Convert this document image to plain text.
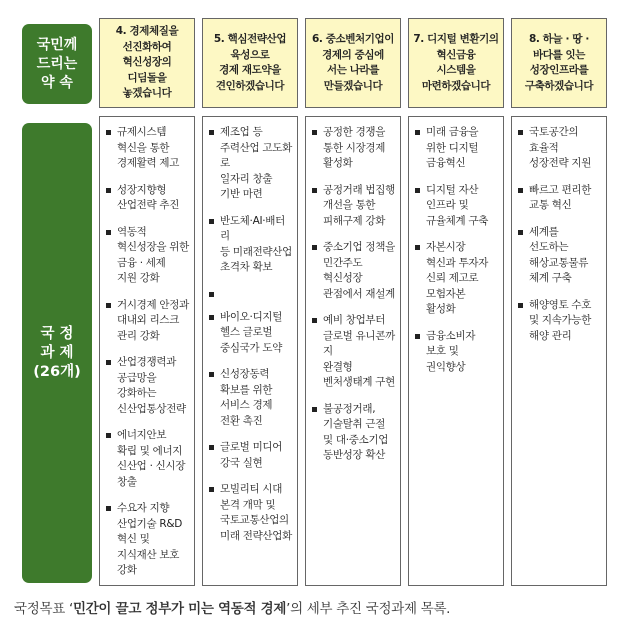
국민께
드리는
약 속
국 정
과 제
(26개)
4. 경제체질을
선진화하여
혁신성장의
디딤돌을
놓겠습니다
규제시스템
혁신을 통한
경제활력 제고
성장지향형
산업전략 추진
역동적
혁신성장을 위한
금융 · 세제
지원 강화
거시경제 안정과
대내외 리스크
관리 강화
산업경쟁력과
공급망을
강화하는
신산업통상전략
에너지안보
확립 및 에너지
신산업 · 신시장
창출
수요자 지향
산업기술 R&D
혁신 및
지식재산 보호
강화
5. 핵심전략산업
육성으로
경제 재도약을
견인하겠습니다
제조업 등
주력산업 고도화로
일자리 창출
기반 마련
반도체·AI·배터리
등 미래전략산업
초격차 확보
바이오·디지털
헬스 글로벌
중심국가 도약
신성장동력
확보를 위한
서비스 경제
전환 촉진
글로벌 미디어
강국 실현
모빌리티 시대
본격 개막 및
국토교통산업의
미래 전략산업화
6. 중소벤처기업이
경제의 중심에
서는 나라를
만들겠습니다
공정한 경쟁을
통한 시장경제
활성화
공정거래 법집행
개선을 통한
피해구제 강화
중소기업 정책을
민간주도
혁신성장
관점에서 재설계
예비 창업부터
글로벌 유니콘까지
완결형
벤처생태계 구현
불공정거래,
기술탈취 근절
및 대·중소기업
동반성장 확산
7. 디지털 변환기의
혁신금융
시스템을
마련하겠습니다
미래 금융을
위한 디지털
금융혁신
디지털 자산
인프라 및
규율체계 구축
자본시장
혁신과 투자자
신뢰 제고로
모험자본
활성화
금융소비자
보호 및
권익향상
8. 하늘 · 땅 ·
바다를 잇는
성장인프라를
구축하겠습니다
국토공간의
효율적
성장전략 지원
빠르고 편리한
교통 혁신
세계를
선도하는
해상교통물류
체계 구축
해양영토 수호
및 지속가능한
해양 관리
국정목표 ‘민간이 끌고 정부가 미는 역동적 경제’의 세부 추진 국정과제 목록.
